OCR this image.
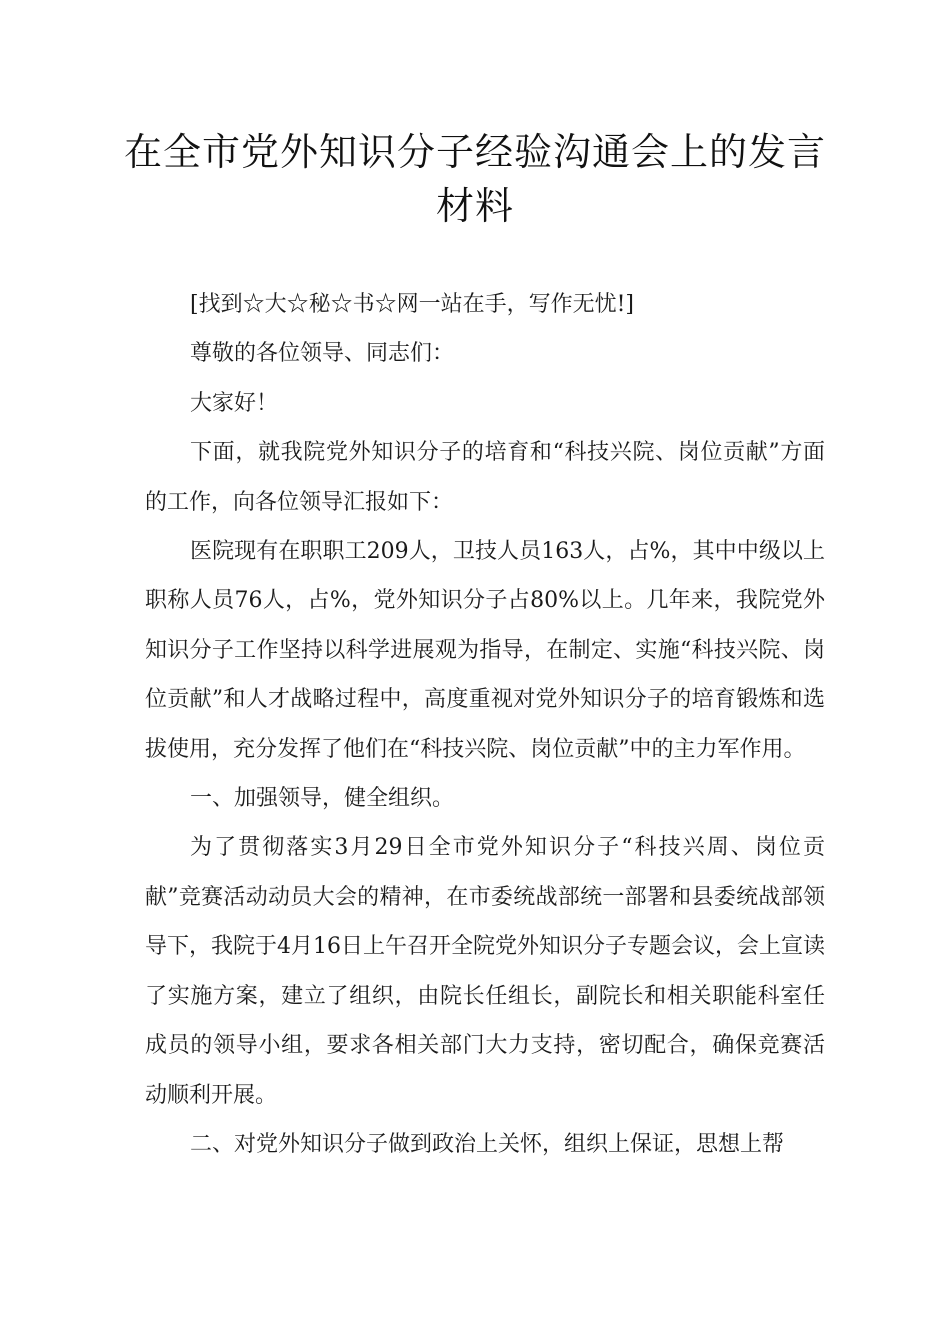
在全市党外知识分子经验沟通会上的发言材料

[找到☆大☆秘☆书☆网一站在手，写作无忧!]

尊敬的各位领导、同志们：

大家好！

下面，就我院党外知识分子的培育和“科技兴院、岗位贡献”方面的工作，向各位领导汇报如下：

医院现有在职职工209人，卫技人员163人，占%，其中中级以上职称人员76人，占%，党外知识分子占80%以上。几年来，我院党外知识分子工作坚持以科学进展观为指导，在制定、实施“科技兴院、岗位贡献”和人才战略过程中，高度重视对党外知识分子的培育锻炼和选拔使用，充分发挥了他们在“科技兴院、岗位贡献”中的主力军作用。

一、加强领导，健全组织。

为了贯彻落实3月29日全市党外知识分子“科技兴周、岗位贡献”竞赛活动动员大会的精神，在市委统战部统一部署和县委统战部领导下，我院于4月16日上午召开全院党外知识分子专题会议，会上宣读了实施方案，建立了组织，由院长任组长，副院长和相关职能科室任成员的领导小组，要求各相关部门大力支持，密切配合，确保竞赛活动顺利开展。

二、对党外知识分子做到政治上关怀，组织上保证，思想上帮
